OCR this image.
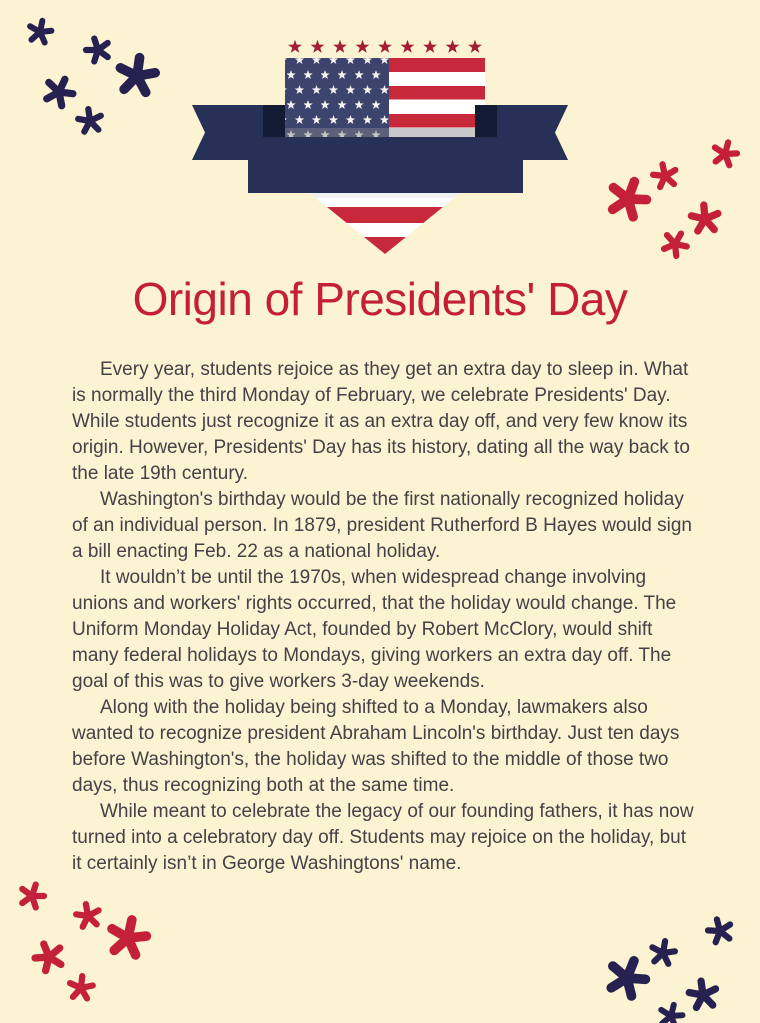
Origin of Presidents' Day

Every year, students rejoice as they get an extra day to sleep in. What is normally the third Monday of February, we celebrate Presidents' Day. While students just recognize it as an extra day off, and very few know its origin. However, Presidents' Day has its history, dating all the way back to the late 19th century.

Washington's birthday would be the first nationally recognized holiday of an individual person. In 1879, president Rutherford B Hayes would sign a bill enacting Feb. 22 as a national holiday.

It wouldn’t be until the 1970s, when widespread change involving unions and workers' rights occurred, that the holiday would change. The Uniform Monday Holiday Act, founded by Robert McClory, would shift many federal holidays to Mondays, giving workers an extra day off. The goal of this was to give workers 3-day weekends.

Along with the holiday being shifted to a Monday, lawmakers also wanted to recognize president Abraham Lincoln's birthday. Just ten days before Washington's, the holiday was shifted to the middle of those two days, thus recognizing both at the same time.

While meant to celebrate the legacy of our founding fathers, it has now turned into a celebratory day off. Students may rejoice on the holiday, but it certainly isn’t in George Washingtons' name.
